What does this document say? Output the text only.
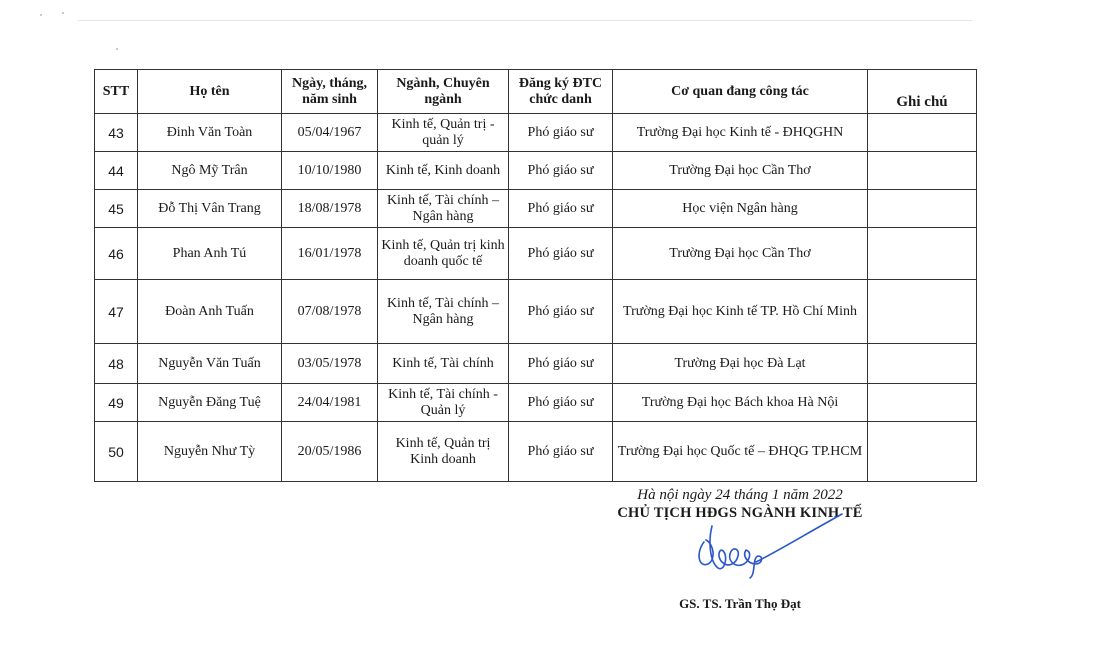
STT	Họ tên	Ngày, tháng, năm sinh	Ngành, Chuyên ngành	Đăng ký ĐTC chức danh	Cơ quan đang công tác	Ghi chú
43	Đinh Văn Toàn	05/04/1967	Kinh tế, Quản trị - quản lý	Phó giáo sư	Trường Đại học Kinh tế - ĐHQGHN	
44	Ngô Mỹ Trân	10/10/1980	Kinh tế, Kinh doanh	Phó giáo sư	Trường Đại học Cần Thơ	
45	Đỗ Thị Vân Trang	18/08/1978	Kinh tế, Tài chính – Ngân hàng	Phó giáo sư	Học viện Ngân hàng	
46	Phan Anh Tú	16/01/1978	Kinh tế, Quản trị kinh doanh quốc tế	Phó giáo sư	Trường Đại học Cần Thơ	
47	Đoàn Anh Tuấn	07/08/1978	Kinh tế, Tài chính – Ngân hàng	Phó giáo sư	Trường Đại học Kinh tế TP. Hồ Chí Minh	
48	Nguyễn Văn Tuấn	03/05/1978	Kinh tế, Tài chính	Phó giáo sư	Trường Đại học Đà Lạt	
49	Nguyễn Đăng Tuệ	24/04/1981	Kinh tế, Tài chính - Quản lý	Phó giáo sư	Trường Đại học Bách khoa Hà Nội	
50	Nguyễn Như Tỳ	20/05/1986	Kinh tế, Quản trị Kinh doanh	Phó giáo sư	Trường Đại học Quốc tế – ĐHQG TP.HCM	
Hà nội ngày 24 tháng 1 năm 2022
CHỦ TỊCH HĐGS NGÀNH KINH TẾ
GS. TS. Trần Thọ Đạt
